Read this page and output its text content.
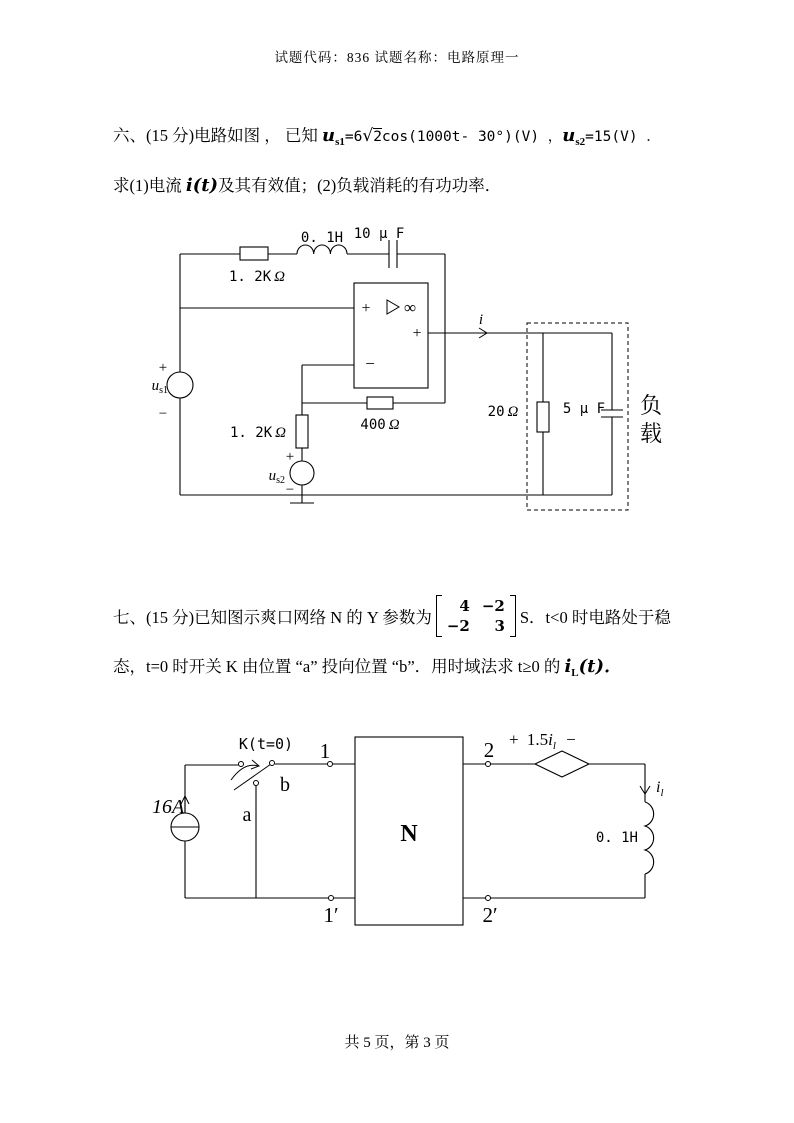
试题代码：836 试题名称：电路原理一
六、(15 分)电路如图 ， 已知 $u_{s1}=6√2\cos(1000t-$ 30°)(V) ，$u_{s2}=15(V)$ ．
求(1)电流 i(t)及其有效值；(2)负载消耗的有功功率．
1. 2K Ω
0. 1H 10 μ F
+ ∞
+
−
i
400 Ω
1. 2K Ω
+
us1
−
+
us2
−
20 Ω	5 μ F 负
载
七、(15 分)已知图示爽口网络 N 的 Y 参数为
4 −2
−2	3 S．t<0 时电路处于稳
态，t=0 时开关 K 由位置 “a” 投向位置 “b”．用时域法求 t≥0 的 $i_L(t)$．
K(t=0)
16A
1	2
1′	2′
a
b
N
+ $1.5i_l$ −
$i_l$
0. 1H
共 5 页，第 3 页
